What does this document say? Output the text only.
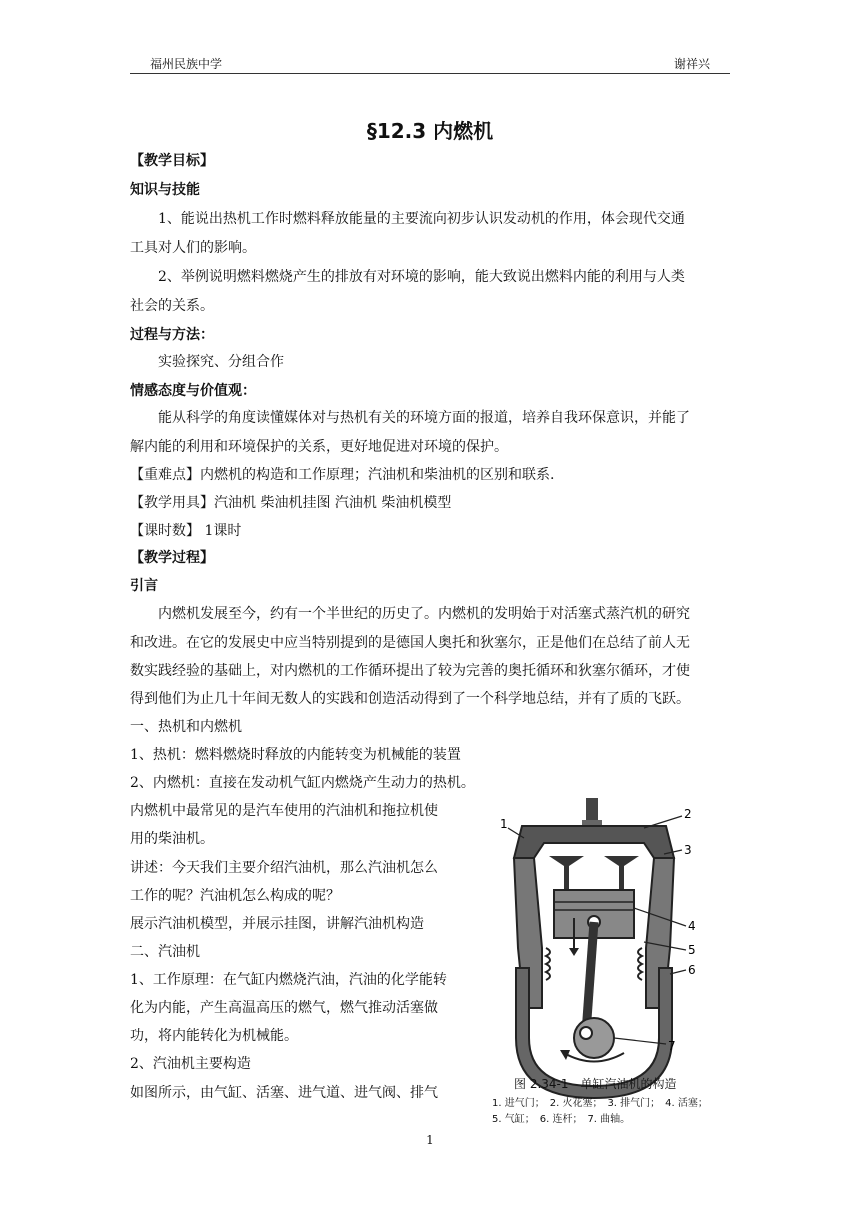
福州民族中学	谢祥兴
§12.3 内燃机
【教学目标】
知识与技能
1、能说出热机工作时燃料释放能量的主要流向初步认识发动机的作用，体会现代交通
工具对人们的影响。
2、举例说明燃料燃烧产生的排放有对环境的影响，能大致说出燃料内能的利用与人类
社会的关系。
过程与方法：
实验探究、分组合作
情感态度与价值观：
能从科学的角度读懂媒体对与热机有关的环境方面的报道，培养自我环保意识，并能了
解内能的利用和环境保护的关系，更好地促进对环境的保护。
【重难点】内燃机的构造和工作原理；汽油机和柴油机的区别和联系.
【教学用具】汽油机 柴油机挂图 汽油机 柴油机模型
【课时数】 1课时
【教学过程】
引言
内燃机发展至今，约有一个半世纪的历史了。内燃机的发明始于对活塞式蒸汽机的研究
和改进。在它的发展史中应当特别提到的是德国人奥托和狄塞尔，正是他们在总结了前人无
数实践经验的基础上，对内燃机的工作循环提出了较为完善的奥托循环和狄塞尔循环，才使
得到他们为止几十年间无数人的实践和创造活动得到了一个科学地总结，并有了质的飞跃。
一、热机和内燃机
1、热机：燃料燃烧时释放的内能转变为机械能的装置
2、内燃机：直接在发动机气缸内燃烧产生动力的热机。
内燃机中最常见的是汽车使用的汽油机和拖拉机使
用的柴油机。
讲述：今天我们主要介绍汽油机，那么汽油机怎么
工作的呢？汽油机怎么构成的呢？
展示汽油机模型，并展示挂图，讲解汽油机构造
二、汽油机
1、工作原理：在气缸内燃烧汽油，汽油的化学能转
化为内能，产生高温高压的燃气，燃气推动活塞做
功，将内能转化为机械能。
2、汽油机主要构造
如图所示，由气缸、活塞、进气道、进气阀、排气
1
2
3
4
5
6
7
图 2.34-1　单缸汽油机的构造
1. 进气门；　2. 火花塞；　3. 排气门；　4. 活塞；
5. 气缸；　6. 连杆；　7. 曲轴。
1
